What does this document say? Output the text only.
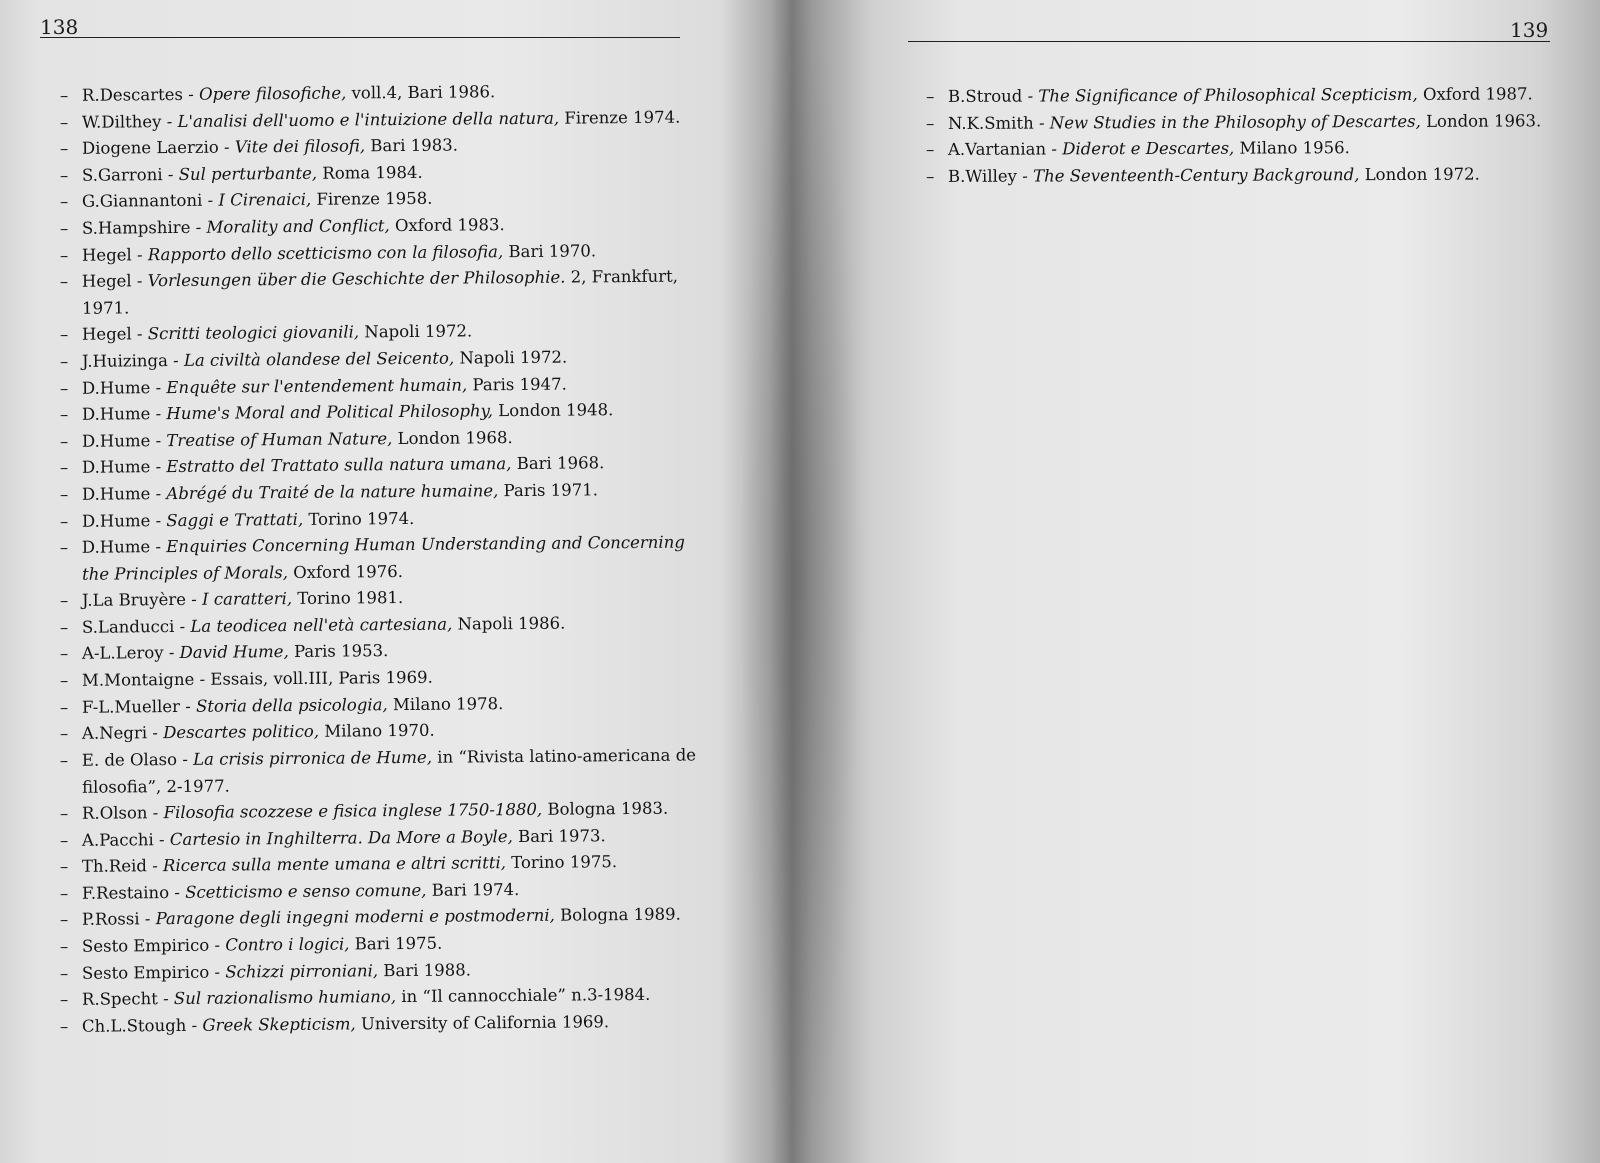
138
– R.Descartes - Opere filosofiche, voll.4, Bari 1986.
– W.Dilthey - L'analisi dell'uomo e l'intuizione della natura, Firenze 1974.
– Diogene Laerzio - Vite dei filosofi, Bari 1983.
– S.Garroni - Sul perturbante, Roma 1984.
– G.Giannantoni - I Cirenaici, Firenze 1958.
– S.Hampshire - Morality and Conflict, Oxford 1983.
– Hegel - Rapporto dello scetticismo con la filosofia, Bari 1970.
– Hegel - Vorlesungen über die Geschichte der Philosophie. 2, Frankfurt, 1971.
– Hegel - Scritti teologici giovanili, Napoli 1972.
– J.Huizinga - La civiltà olandese del Seicento, Napoli 1972.
– D.Hume - Enquête sur l'entendement humain, Paris 1947.
– D.Hume - Hume's Moral and Political Philosophy, London 1948.
– D.Hume - Treatise of Human Nature, London 1968.
– D.Hume - Estratto del Trattato sulla natura umana, Bari 1968.
– D.Hume - Abrégé du Traité de la nature humaine, Paris 1971.
– D.Hume - Saggi e Trattati, Torino 1974.
– D.Hume - Enquiries Concerning Human Understanding and Concerning the Principles of Morals, Oxford 1976.
– J.La Bruyère - I caratteri, Torino 1981.
– S.Landucci - La teodicea nell'età cartesiana, Napoli 1986.
– A-L.Leroy - David Hume, Paris 1953.
– M.Montaigne - Essais, voll.III, Paris 1969.
– F-L.Mueller - Storia della psicologia, Milano 1978.
– A.Negri - Descartes politico, Milano 1970.
– E. de Olaso - La crisis pirronica de Hume, in “Rivista latino-americana de filosofia”, 2-1977.
– R.Olson - Filosofia scozzese e fisica inglese 1750-1880, Bologna 1983.
– A.Pacchi - Cartesio in Inghilterra. Da More a Boyle, Bari 1973.
– Th.Reid - Ricerca sulla mente umana e altri scritti, Torino 1975.
– F.Restaino - Scetticismo e senso comune, Bari 1974.
– P.Rossi - Paragone degli ingegni moderni e postmoderni, Bologna 1989.
– Sesto Empirico - Contro i logici, Bari 1975.
– Sesto Empirico - Schizzi pirroniani, Bari 1988.
– R.Specht - Sul razionalismo humiano, in “Il cannocchiale” n.3-1984.
– Ch.L.Stough - Greek Skepticism, University of California 1969.
139
– B.Stroud - The Significance of Philosophical Scepticism, Oxford 1987.
– N.K.Smith - New Studies in the Philosophy of Descartes, London 1963.
– A.Vartanian - Diderot e Descartes, Milano 1956.
– B.Willey - The Seventeenth-Century Background, London 1972.
